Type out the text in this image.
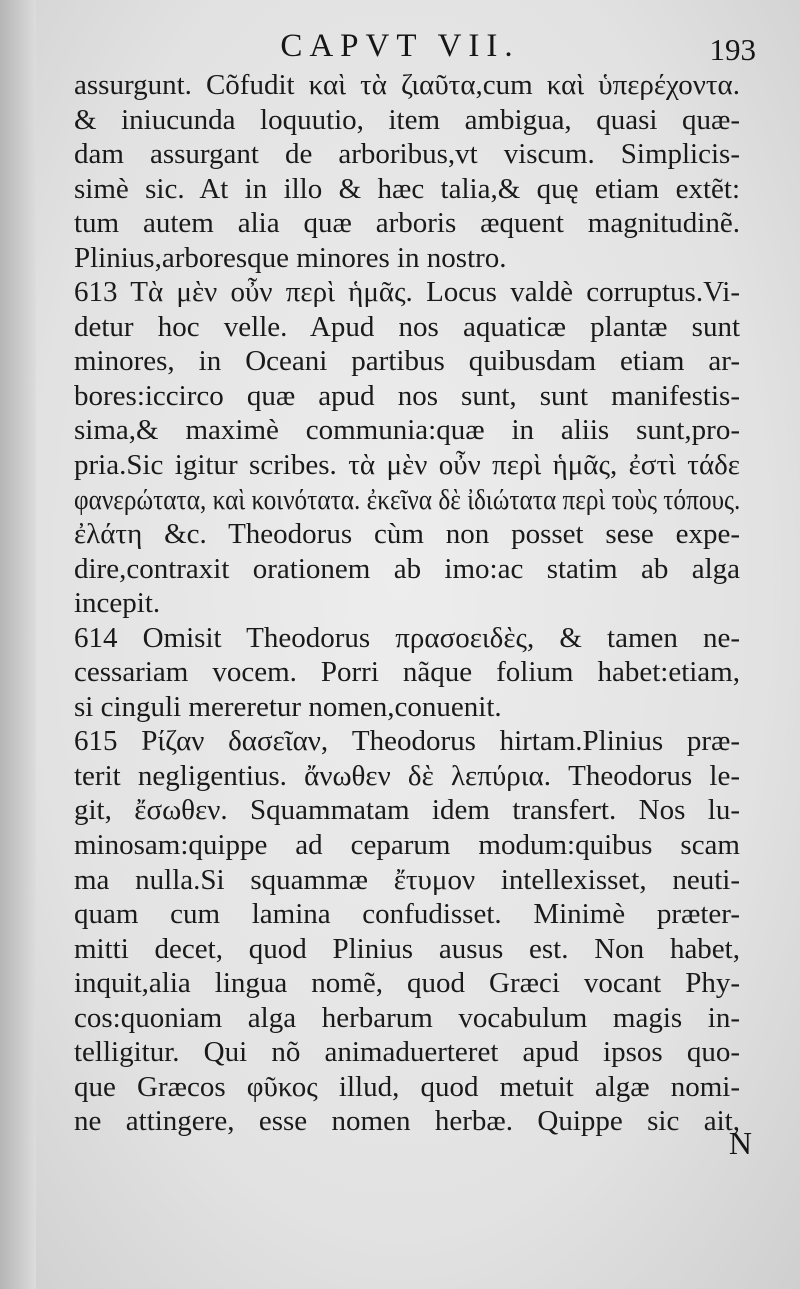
CAPVT VII.	193
assurgunt. Cõfudit καὶ τὰ ζιαῦτα,cum καὶ ὑπερέχοντα.
& iniucunda loquutio, item ambigua, quasi quæ-
dam assurgant de arboribus,vt viscum. Simplicis-
simè sic. At in illo & hæc talia,& quę etiam extẽt:
tum autem alia quæ arboris æquent magnitudinẽ.
Plinius,arboresque minores in nostro.
613 Τὰ μὲν οὖν περὶ ἡμᾶς. Locus valdè corruptus.Vi-
detur hoc velle. Apud nos aquaticæ plantæ sunt
minores, in Oceani partibus quibusdam etiam ar-
bores:iccirco quæ apud nos sunt, sunt manifestis-
sima,& maximè communia:quæ in aliis sunt,pro-
pria.Sic igitur scribes. τὰ μὲν οὖν περὶ ἡμᾶς, ἐστὶ τάδε
φανερώτατα, καὶ κοινότατα. ἐκεῖνα δὲ ἰδιώτατα περὶ τοὺς τόπους.
ἐλάτη &c. Theodorus cùm non posset sese expe-
dire,contraxit orationem ab imo:ac statim ab alga
incepit.
614 Omisit Theodorus πρασοειδὲς, & tamen ne-
cessariam vocem. Porri nãque folium habet:etiam,
si cinguli mereretur nomen,conuenit.
615 Ρίζαν δασεῖαν, Theodorus hirtam.Plinius præ-
terit negligentius. ἄνωθεν δὲ λεπύρια. Theodorus le-
git, ἔσωθεν. Squammatam idem transfert. Nos lu-
minosam:quippe ad ceparum modum:quibus scam
ma nulla.Si squammæ ἔτυμον intellexisset, neuti-
quam cum lamina confudisset. Minimè præter-
mitti decet, quod Plinius ausus est. Non habet,
inquit,alia lingua nomẽ, quod Græci vocant Phy-
cos:quoniam alga herbarum vocabulum magis in-
telligitur. Qui nõ animaduerteret apud ipsos quo-
que Græcos φῦκος illud, quod metuit algæ nomi-
ne attingere, esse nomen herbæ. Quippe sic ait,
N
